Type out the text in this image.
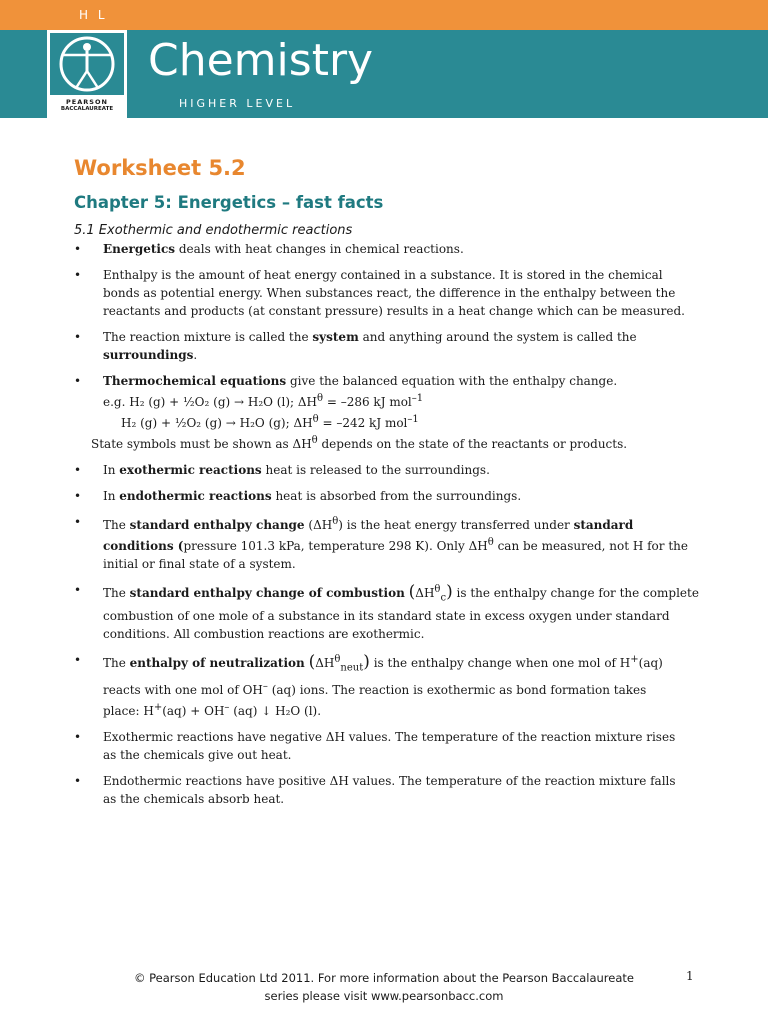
H L
PEARSON
BACCALAUREATE
Chemistry
HIGHER LEVEL
Worksheet 5.2
Chapter 5: Energetics – fast facts
5.1 Exothermic and endothermic reactions
• Energetics deals with heat changes in chemical reactions.
• Enthalpy is the amount of heat energy contained in a substance. It is stored in the chemical
bonds as potential energy. When substances react, the difference in the enthalpy between the
reactants and products (at constant pressure) results in a heat change which can be measured.
• The reaction mixture is called the system and anything around the system is called the
surroundings.
• Thermochemical equations give the balanced equation with the enthalpy change.
e.g. H₂ (g) + ½O₂ (g) → H₂O (l); $\Delta H^\theta = -286$ kJ mol$^{-1}$
H₂ (g) + ½O₂ (g) → H₂O (g); $\Delta H^\theta = -242$ kJ mol$^{-1}$
State symbols must be shown as $\Delta H^\theta$ depends on the state of the reactants or products.
• In exothermic reactions heat is released to the surroundings.
• In endothermic reactions heat is absorbed from the surroundings.
• The standard enthalpy change $(\Delta H^\theta)$ is the heat energy transferred under standard
conditions (pressure 101.3 kPa, temperature 298 K). Only $\Delta H^\theta$ can be measured, not H for the
initial or final state of a system.
• The standard enthalpy change of combustion $(\Delta H^\theta_c)$ is the enthalpy change for the complete
combustion of one mole of a substance in its standard state in excess oxygen under standard
conditions. All combustion reactions are exothermic.
• The enthalpy of neutralization $(\Delta H^\theta_{neut})$ is the enthalpy change when one mol of H+(aq)
reacts with one mol of OH– (aq) ions. The reaction is exothermic as bond formation takes
place: H+(aq) + OH– (aq) ↓ H₂O (l).
• Exothermic reactions have negative ΔH values. The temperature of the reaction mixture rises
as the chemicals give out heat.
• Endothermic reactions have positive ΔH values. The temperature of the reaction mixture falls
as the chemicals absorb heat.
© Pearson Education Ltd 2011. For more information about the Pearson Baccalaureate
series please visit www.pearsonbacc.com
1
